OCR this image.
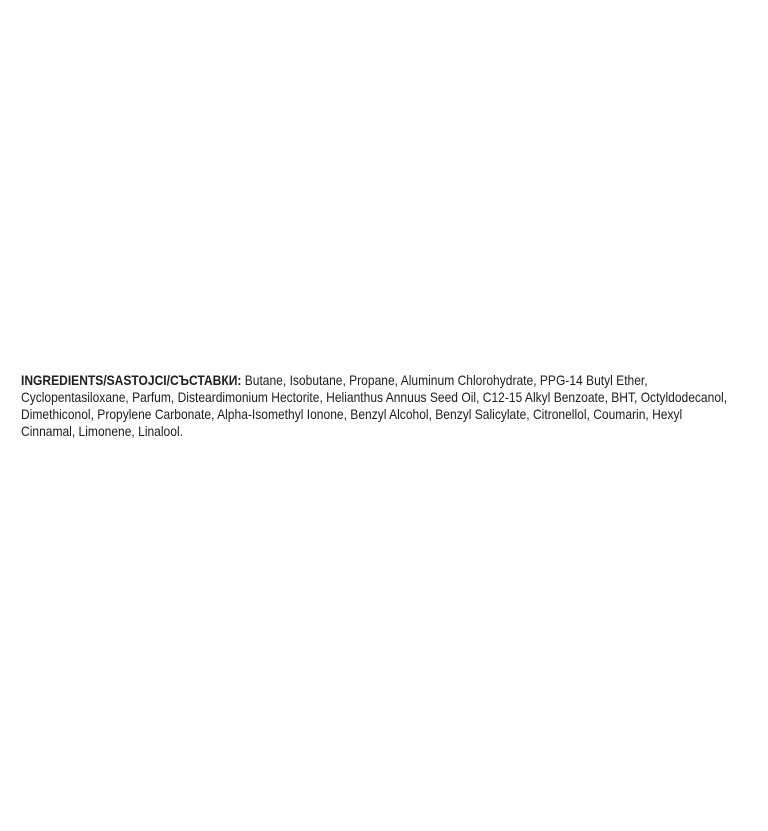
INGREDIENTS/SASTOJCI/СЪСТАВКИ: Butane, Isobutane, Propane, Aluminum Chlorohydrate, PPG-14 Butyl Ether,
Cyclopentasiloxane, Parfum, Disteardimonium Hectorite, Helianthus Annuus Seed Oil, C12-15 Alkyl Benzoate, BHT, Octyldodecanol,
Dimethiconol, Propylene Carbonate, Alpha-Isomethyl Ionone, Benzyl Alcohol, Benzyl Salicylate, Citronellol, Coumarin, Hexyl
Cinnamal, Limonene, Linalool.
